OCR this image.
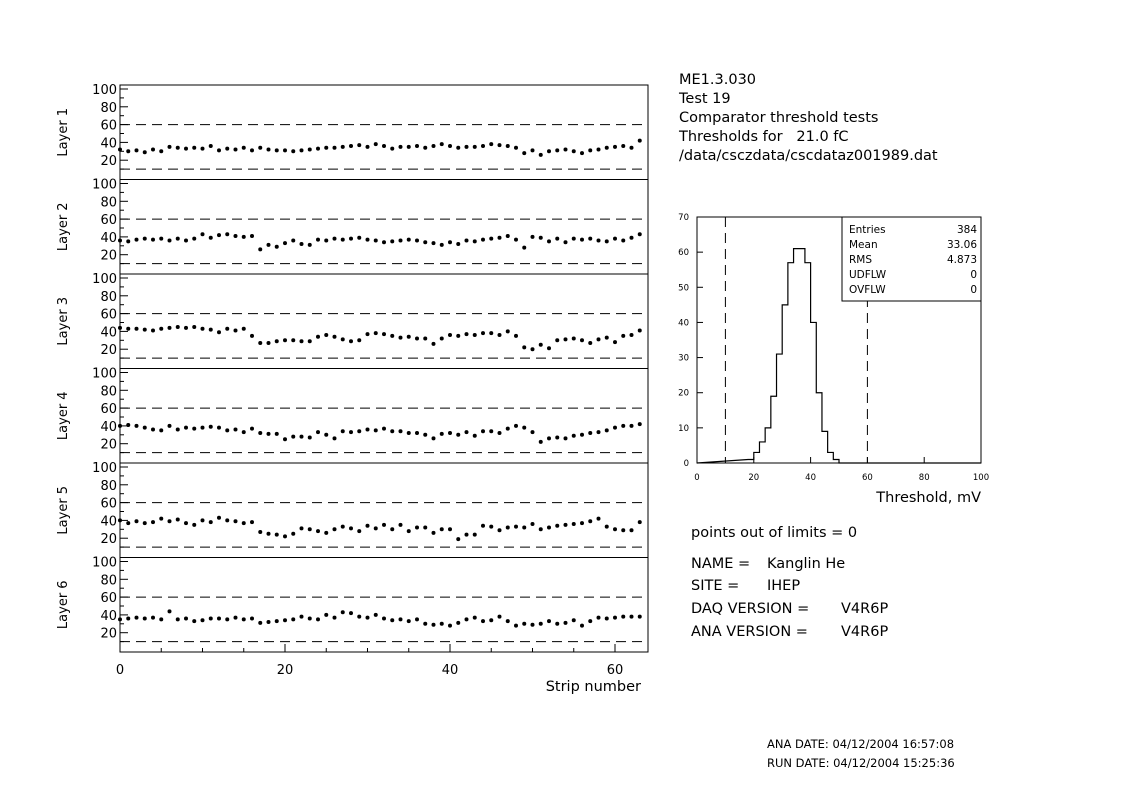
20
40
60
80
100
Layer 1
20
40
60
80
100
Layer 2
20
40
60
80
100
Layer 3
20
40
60
80
100
Layer 4
20
40
60
80
100
Layer 5
20
40
60
80
100
Layer 6
0	20	40	60
Strip number
0
10
20
30
40
50
60
70
0	20	40	60	80	100
Threshold, mV
Entries	384
Mean	33.06
RMS	4.873
UDFLW	0
OVFLW	0
ME1.3.030
Test 19
Comparator threshold tests
Thresholds for   21.0 fC
/data/csczdata/cscdataz001989.dat
points out of limits = 0
NAME = Kanglin He
SITE = IHEP
DAQ VERSION = V4R6P
ANA VERSION = V4R6P
ANA DATE: 04/12/2004 16:57:08
RUN DATE: 04/12/2004 15:25:36
